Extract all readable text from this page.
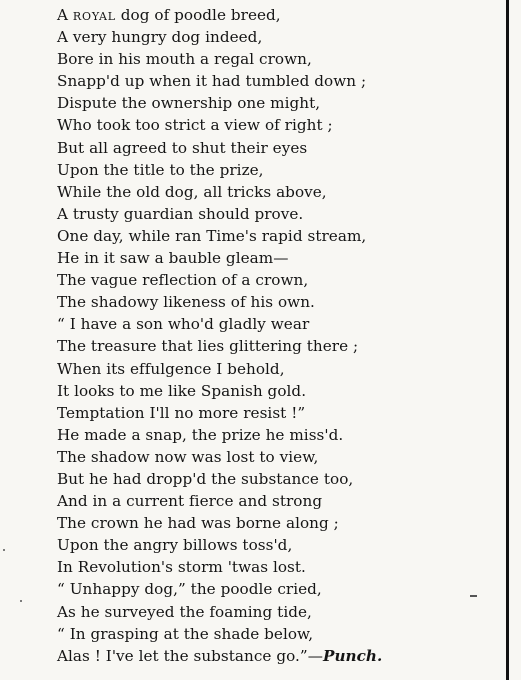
A royal dog of poodle breed,
A very hungry dog indeed,
Bore in his mouth a regal crown,
Snapp'd up when it had tumbled down ;
Dispute the ownership one might,
Who took too strict a view of right ;
But all agreed to shut their eyes
Upon the title to the prize,
While the old dog, all tricks above,
A trusty guardian should prove.
One day, while ran Time's rapid stream,
He in it saw a bauble gleam—
The vague reflection of a crown,
The shadowy likeness of his own.
“ I have a son who'd gladly wear
The treasure that lies glittering there ;
When its effulgence I behold,
It looks to me like Spanish gold.
Temptation I'll no more resist !”
He made a snap, the prize he miss'd.
The shadow now was lost to view,
But he had dropp'd the substance too,
And in a current fierce and strong
The crown he had was borne along ;
Upon the angry billows toss'd,
In Revolution's storm 'twas lost.
“ Unhappy dog,” the poodle cried,
As he surveyed the foaming tide,
“ In grasping at the shade below,
Alas ! I've let the substance go.”—Punch.
